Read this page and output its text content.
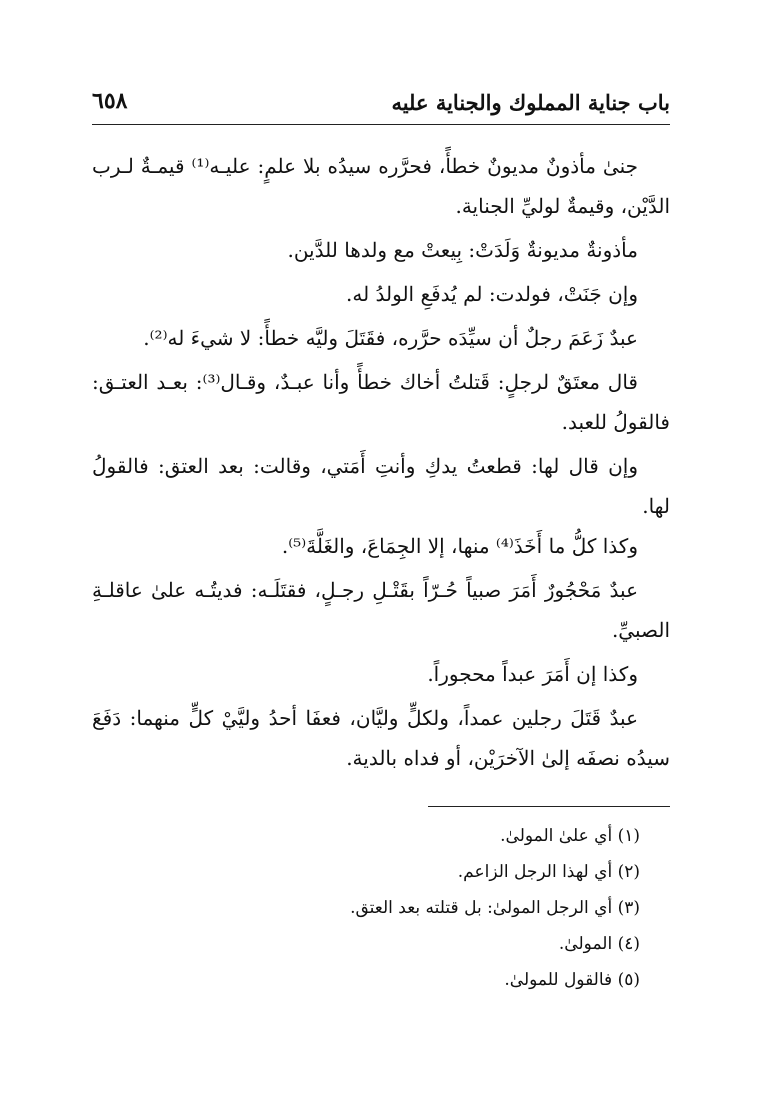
باب جناية المملوك والجناية عليه
٦٥٨

جنىٰ مأذونٌ مديونٌ خطأً، فحرَّره سيدُه بلا علمٍ: عليـه⁽¹⁾ قيمـةٌ لـرب الدَّيْن، وقيمةٌ لوليِّ الجناية.

مأذونةٌ مديونةٌ وَلَدَتْ: بِيعتْ مع ولدها للدَّين.

وإن جَنَتْ، فولدت: لم يُدفَعِ الولدُ له.

عبدٌ زَعَمَ رجلٌ أن سيِّدَه حرَّره، فقَتَلَ وليَّه خطأً: لا شيءَ له⁽²⁾.

قال معتَقٌ لرجلٍ: قَتلتُ أخاك خطأً وأنا عبـدٌ، وقـال⁽³⁾: بعـد العتـق: فالقولُ للعبد.

وإن قال لها: قطعتُ يدكِ وأنتِ أَمَتي، وقالت: بعد العتق: فالقولُ لها.

وكذا كلُّ ما أَخَذَ⁽⁴⁾ منها، إلا الجِمَاعَ، والغَلَّةَ⁽⁵⁾.

عبدٌ مَحْجُورٌ أَمَرَ صبياً حُـرّاً بقَتْـلِ رجـلٍ، فقتَلَـه: فديتُـه علىٰ عاقلـةِ الصبيِّ.

وكذا إن أَمَرَ عبداً محجوراً.

عبدٌ قَتَلَ رجلين عمداً، ولكلٍّ وليَّان، فعفَا أحدُ وليَّيْ كلٍّ منهما: دَفَعَ سيدُه نصفَه إلىٰ الآخرَيْن، أو فداه بالدية.

(١) أي علىٰ المولىٰ.

(٢) أي لهذا الرجل الزاعم.

(٣) أي الرجل المولىٰ: بل قتلته بعد العتق.

(٤) المولىٰ.

(٥) فالقول للمولىٰ.
